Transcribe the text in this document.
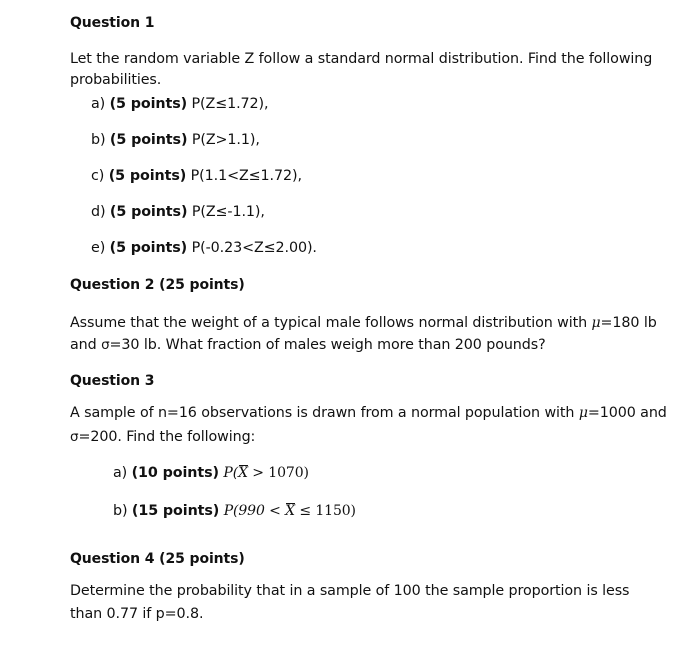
Question 1
Let the random variable Z follow a standard normal distribution. Find the following
probabilities.
a) (5 points) P(Z≤1.72),
b) (5 points) P(Z>1.1),
c) (5 points) P(1.1<Z≤1.72),
d) (5 points) P(Z≤-1.1),
e) (5 points) P(-0.23<Z≤2.00).
Question 2 (25 points)
Assume that the weight of a typical male follows normal distribution with μ=180 lb
and σ=30 lb. What fraction of males weigh more than 200 pounds?
Question 3
A sample of n=16 observations is drawn from a normal population with μ=1000 and
σ=200. Find the following:
a) (10 points) P(X > 1070)
b) (15 points) P(990 < X ≤ 1150)
Question 4 (25 points)
Determine the probability that in a sample of 100 the sample proportion is less
than 0.77 if p=0.8.
